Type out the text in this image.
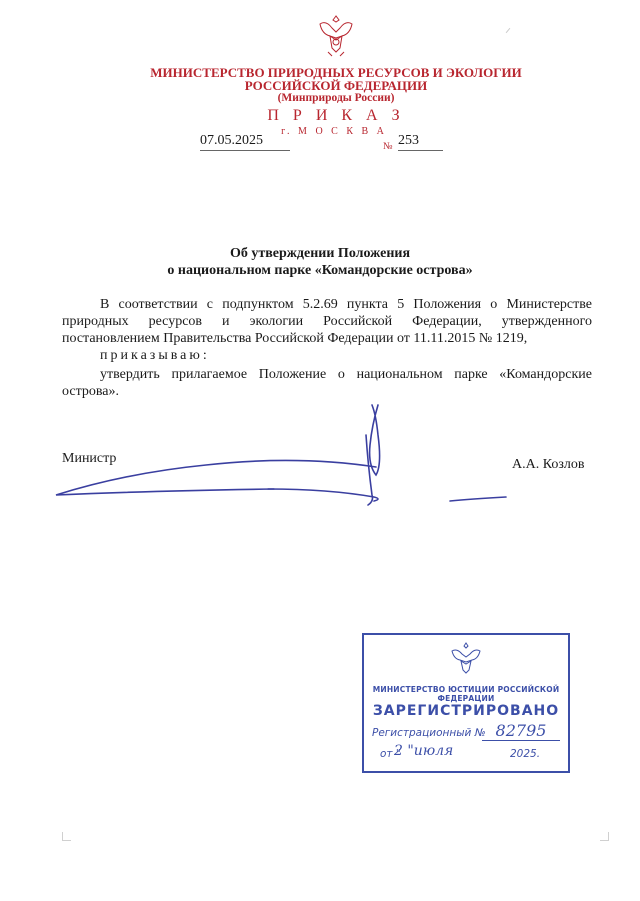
МИНИСТЕРСТВО ПРИРОДНЫХ РЕСУРСОВ И ЭКОЛОГИИ
РОССИЙСКОЙ ФЕДЕРАЦИИ
(Минприроды России)
П Р И К А З
г. М О С К В А
07.05.2025	№ 253
Об утверждении Положения
о национальном парке «Командорские острова»
В соответствии с подпунктом 5.2.69 пункта 5 Положения о Министерстве природных ресурсов и экологии Российской Федерации, утвержденного постановлением Правительства Российской Федерации от 11.11.2015 № 1219,
приказываю:
утвердить прилагаемое Положение о национальном парке «Командорские острова».
Министр	А.А. Козлов
МИНИСТЕРСТВО ЮСТИЦИИ РОССИЙСКОЙ ФЕДЕРАЦИИ
ЗАРЕГИСТРИРОВАНО
Регистрационный № 82795
от "
2 "июля	2025.
